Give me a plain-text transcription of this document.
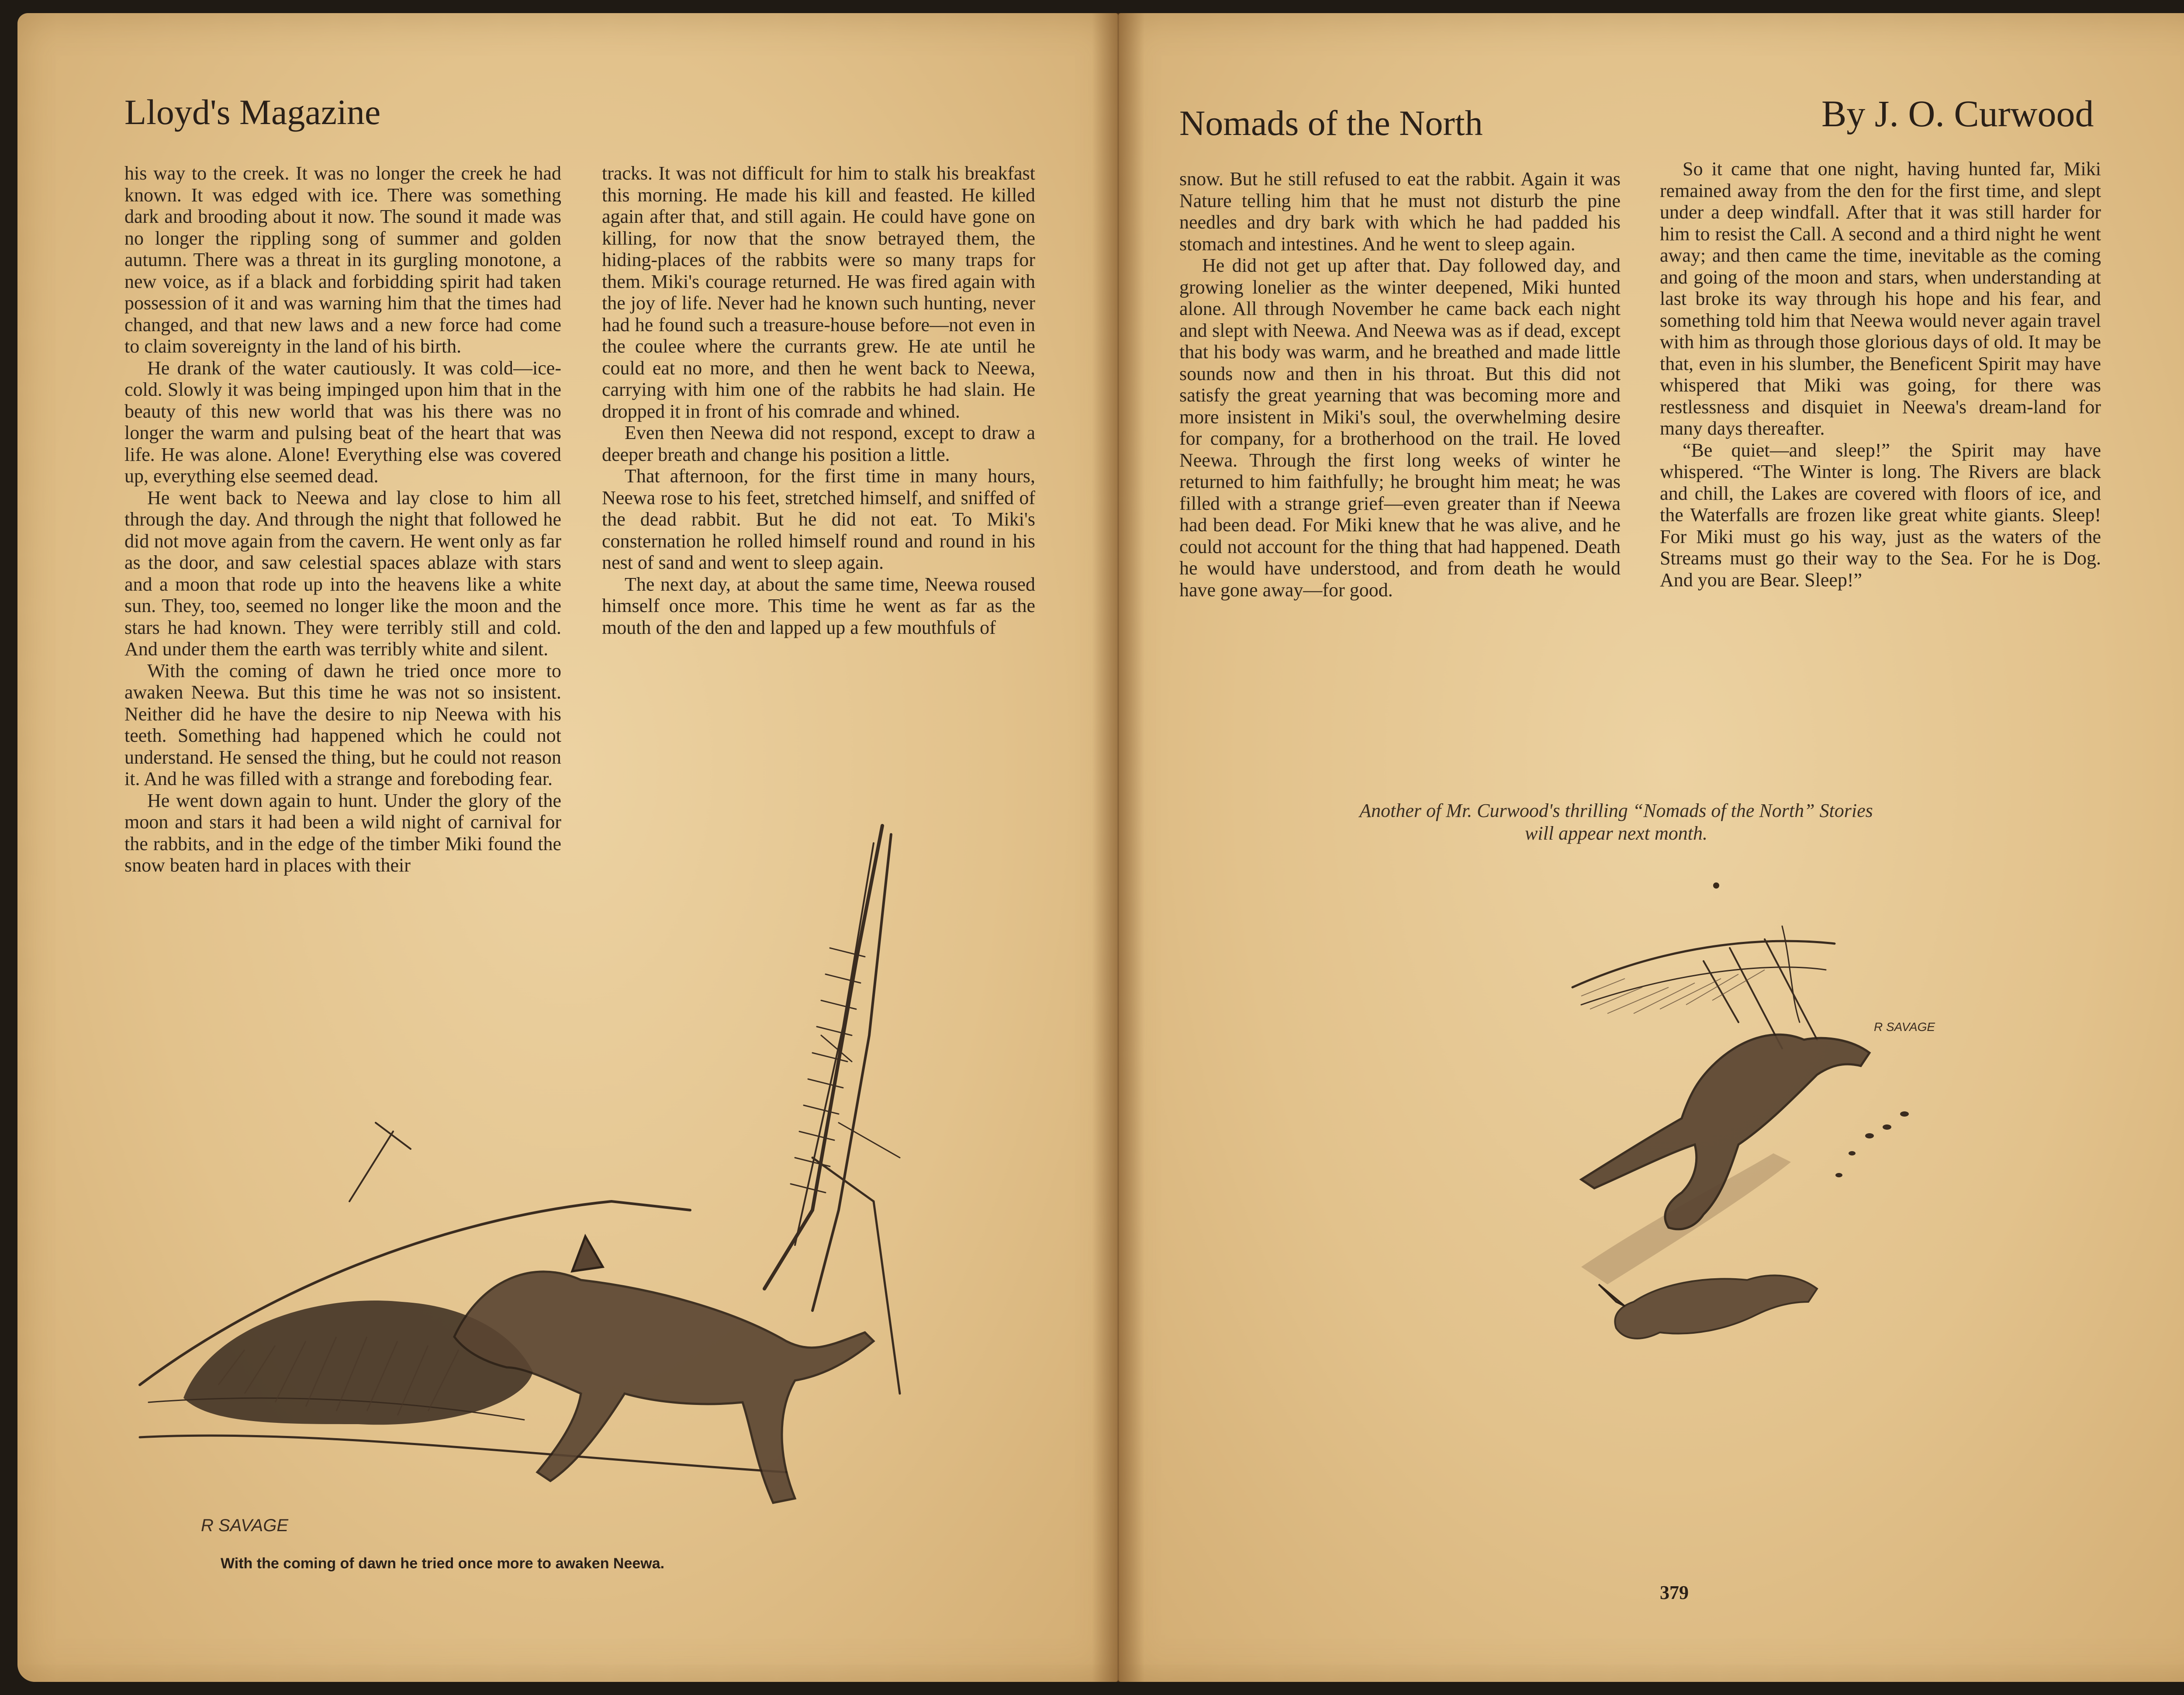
Lloyd's Magazine

his way to the creek. It was no longer the creek he had known. It was edged with ice. There was something dark and brooding about it now. The sound it made was no longer the rippling song of summer and golden autumn. There was a threat in its gurgling monotone, a new voice, as if a black and forbidding spirit had taken possession of it and was warning him that the times had changed, and that new laws and a new force had come to claim sovereignty in the land of his birth.

He drank of the water cautiously. It was cold—ice-cold. Slowly it was being impinged upon him that in the beauty of this new world that was his there was no longer the warm and pulsing beat of the heart that was life. He was alone. Alone! Everything else was covered up, everything else seemed dead.

He went back to Neewa and lay close to him all through the day. And through the night that followed he did not move again from the cavern. He went only as far as the door, and saw celestial spaces ablaze with stars and a moon that rode up into the heavens like a white sun. They, too, seemed no longer like the moon and the stars he had known. They were terribly still and cold. And under them the earth was terribly white and silent.

With the coming of dawn he tried once more to awaken Neewa. But this time he was not so insistent. Neither did he have the desire to nip Neewa with his teeth. Something had happened which he could not understand. He sensed the thing, but he could not reason it. And he was filled with a strange and foreboding fear.

He went down again to hunt. Under the glory of the moon and stars it had been a wild night of carnival for the rabbits, and in the edge of the timber Miki found the snow beaten hard in places with their

tracks. It was not difficult for him to stalk his breakfast this morning. He made his kill and feasted. He killed again after that, and still again. He could have gone on killing, for now that the snow betrayed them, the hiding-places of the rabbits were so many traps for them. Miki's courage returned. He was fired again with the joy of life. Never had he known such hunting, never had he found such a treasure-house before—not even in the coulee where the currants grew. He ate until he could eat no more, and then he went back to Neewa, carrying with him one of the rabbits he had slain. He dropped it in front of his comrade and whined.

Even then Neewa did not respond, except to draw a deeper breath and change his position a little.

That afternoon, for the first time in many hours, Neewa rose to his feet, stretched himself, and sniffed of the dead rabbit. But he did not eat. To Miki's consternation he rolled himself round and round in his nest of sand and went to sleep again.

The next day, at about the same time, Neewa roused himself once more. This time he went as far as the mouth of the den and lapped up a few mouthfuls of

R SAVAGE
With the coming of dawn he tried once more to awaken Neewa.
Nomads of the North	By J. O. Curwood

snow. But he still refused to eat the rabbit. Again it was Nature telling him that he must not disturb the pine needles and dry bark with which he had padded his stomach and intestines. And he went to sleep again.

He did not get up after that. Day followed day, and growing lonelier as the winter deepened, Miki hunted alone. All through November he came back each night and slept with Neewa. And Neewa was as if dead, except that his body was warm, and he breathed and made little sounds now and then in his throat. But this did not satisfy the great yearning that was becoming more and more insistent in Miki's soul, the overwhelming desire for company, for a brotherhood on the trail. He loved Neewa. Through the first long weeks of winter he returned to him faithfully; he brought him meat; he was filled with a strange grief—even greater than if Neewa had been dead. For Miki knew that he was alive, and he could not account for the thing that had happened. Death he would have understood, and from death he would have gone away—for good.

So it came that one night, having hunted far, Miki remained away from the den for the first time, and slept under a deep windfall. After that it was still harder for him to resist the Call. A second and a third night he went away; and then came the time, inevitable as the coming and going of the moon and stars, when understanding at last broke its way through his hope and his fear, and something told him that Neewa would never again travel with him as through those glorious days of old. It may be that, even in his slumber, the Beneficent Spirit may have whispered that Miki was going, for there was restlessness and disquiet in Neewa's dream-land for many days thereafter.

“Be quiet—and sleep!” the Spirit may have whispered. “The Winter is long. The Rivers are black and chill, the Lakes are covered with floors of ice, and the Waterfalls are frozen like great white giants. Sleep! For Miki must go his way, just as the waters of the Streams must go their way to the Sea. For he is Dog. And you are Bear. Sleep!”

Another of Mr. Curwood's thrilling “Nomads of the North” Stories
will appear next month.
R SAVAGE
379
